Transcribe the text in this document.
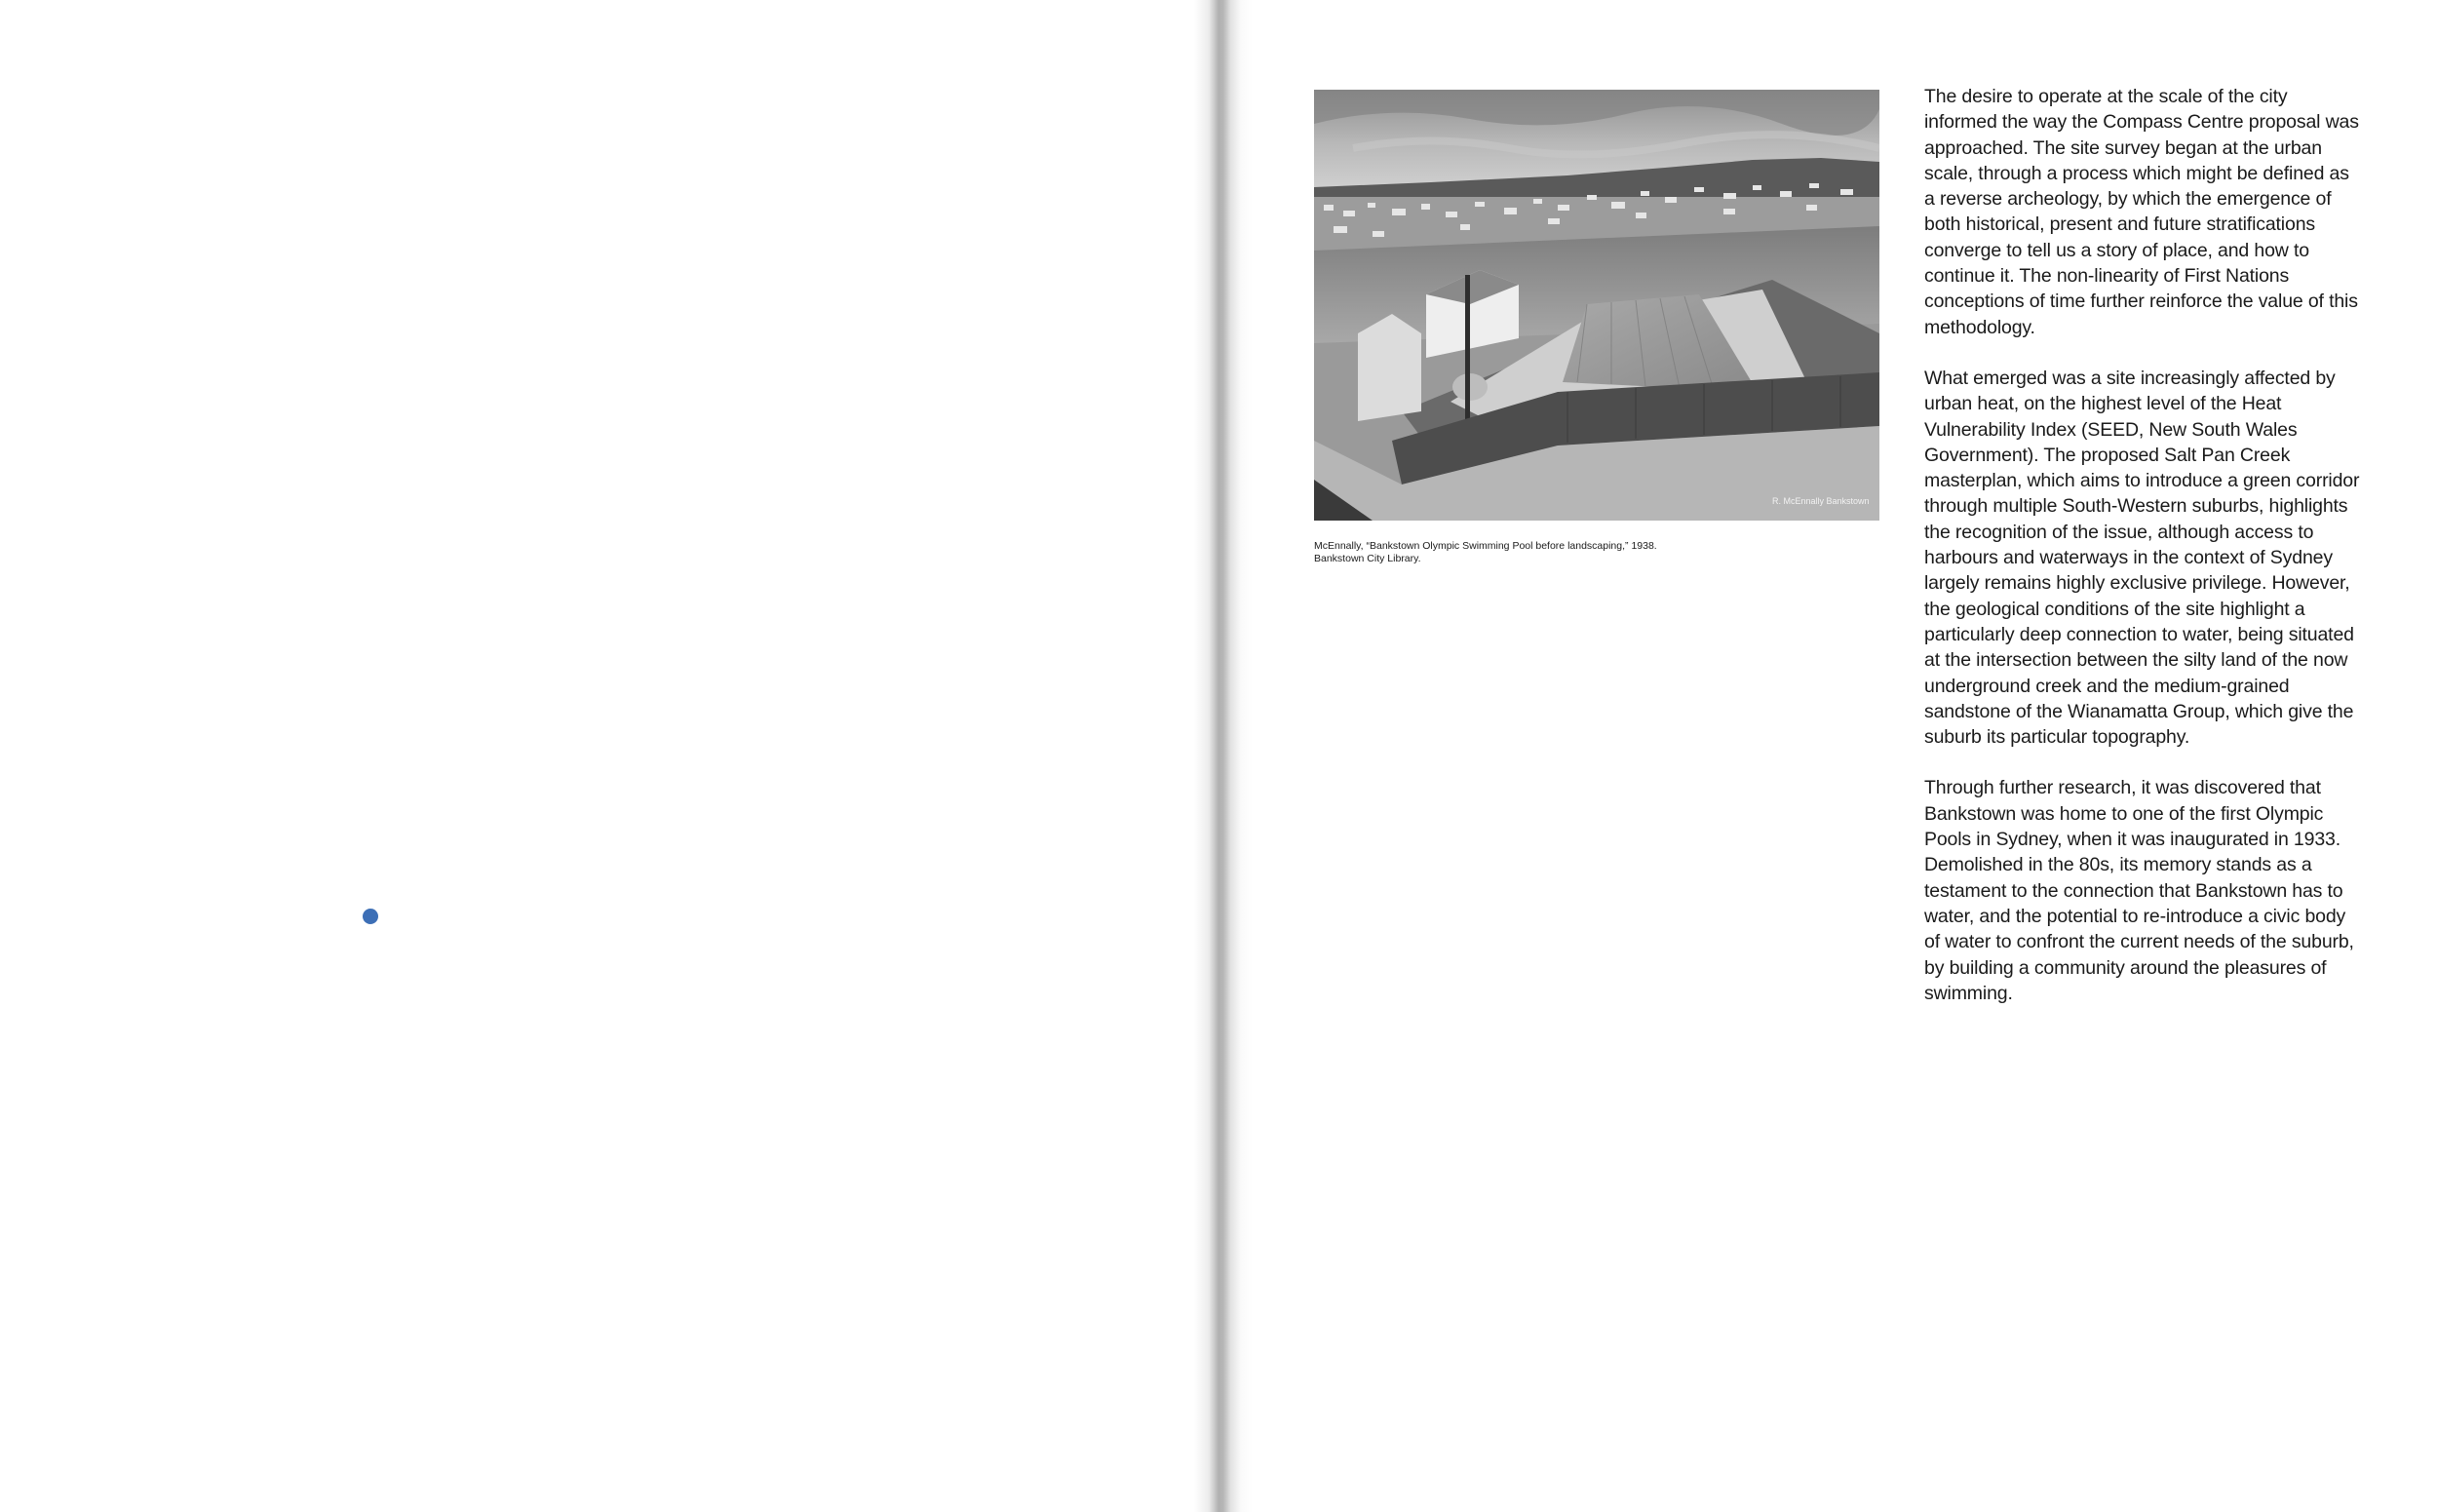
R. McEnnally Bankstown
McEnnally, “Bankstown Olympic Swimming Pool before landscaping,” 1938.
Bankstown City Library.

The desire to operate at the scale of the city informed the way the Compass Centre proposal was approached. The site survey began at the urban scale, through a process which might be defined as a reverse archeology, by which the emergence of both historical, present and future stratifications converge to tell us a story of place, and how to continue it. The non-linearity of First Nations conceptions of time further reinforce the value of this methodology.

What emerged was a site increasingly affected by urban heat, on the highest level of the Heat Vulnerability Index (SEED, New South Wales Government). The proposed Salt Pan Creek masterplan, which aims to introduce a green corridor through multiple South-Western suburbs, highlights the recognition of the issue, although access to harbours and waterways in the context of Sydney largely remains highly exclusive privilege. However, the geological conditions of the site highlight a particularly deep connection to water, being situated at the intersection between the silty land of the now underground creek and the medium-grained sandstone of the Wianamatta Group, which give the suburb its particular topography.

Through further research, it was discovered that Bankstown was home to one of the first Olympic Pools in Sydney, when it was inaugurated in 1933. Demolished in the 80s, its memory stands as a testament to the connection that Bankstown has to water, and the potential to re-introduce a civic body of water to confront the current needs of the suburb, by building a community around the pleasures of swimming.
